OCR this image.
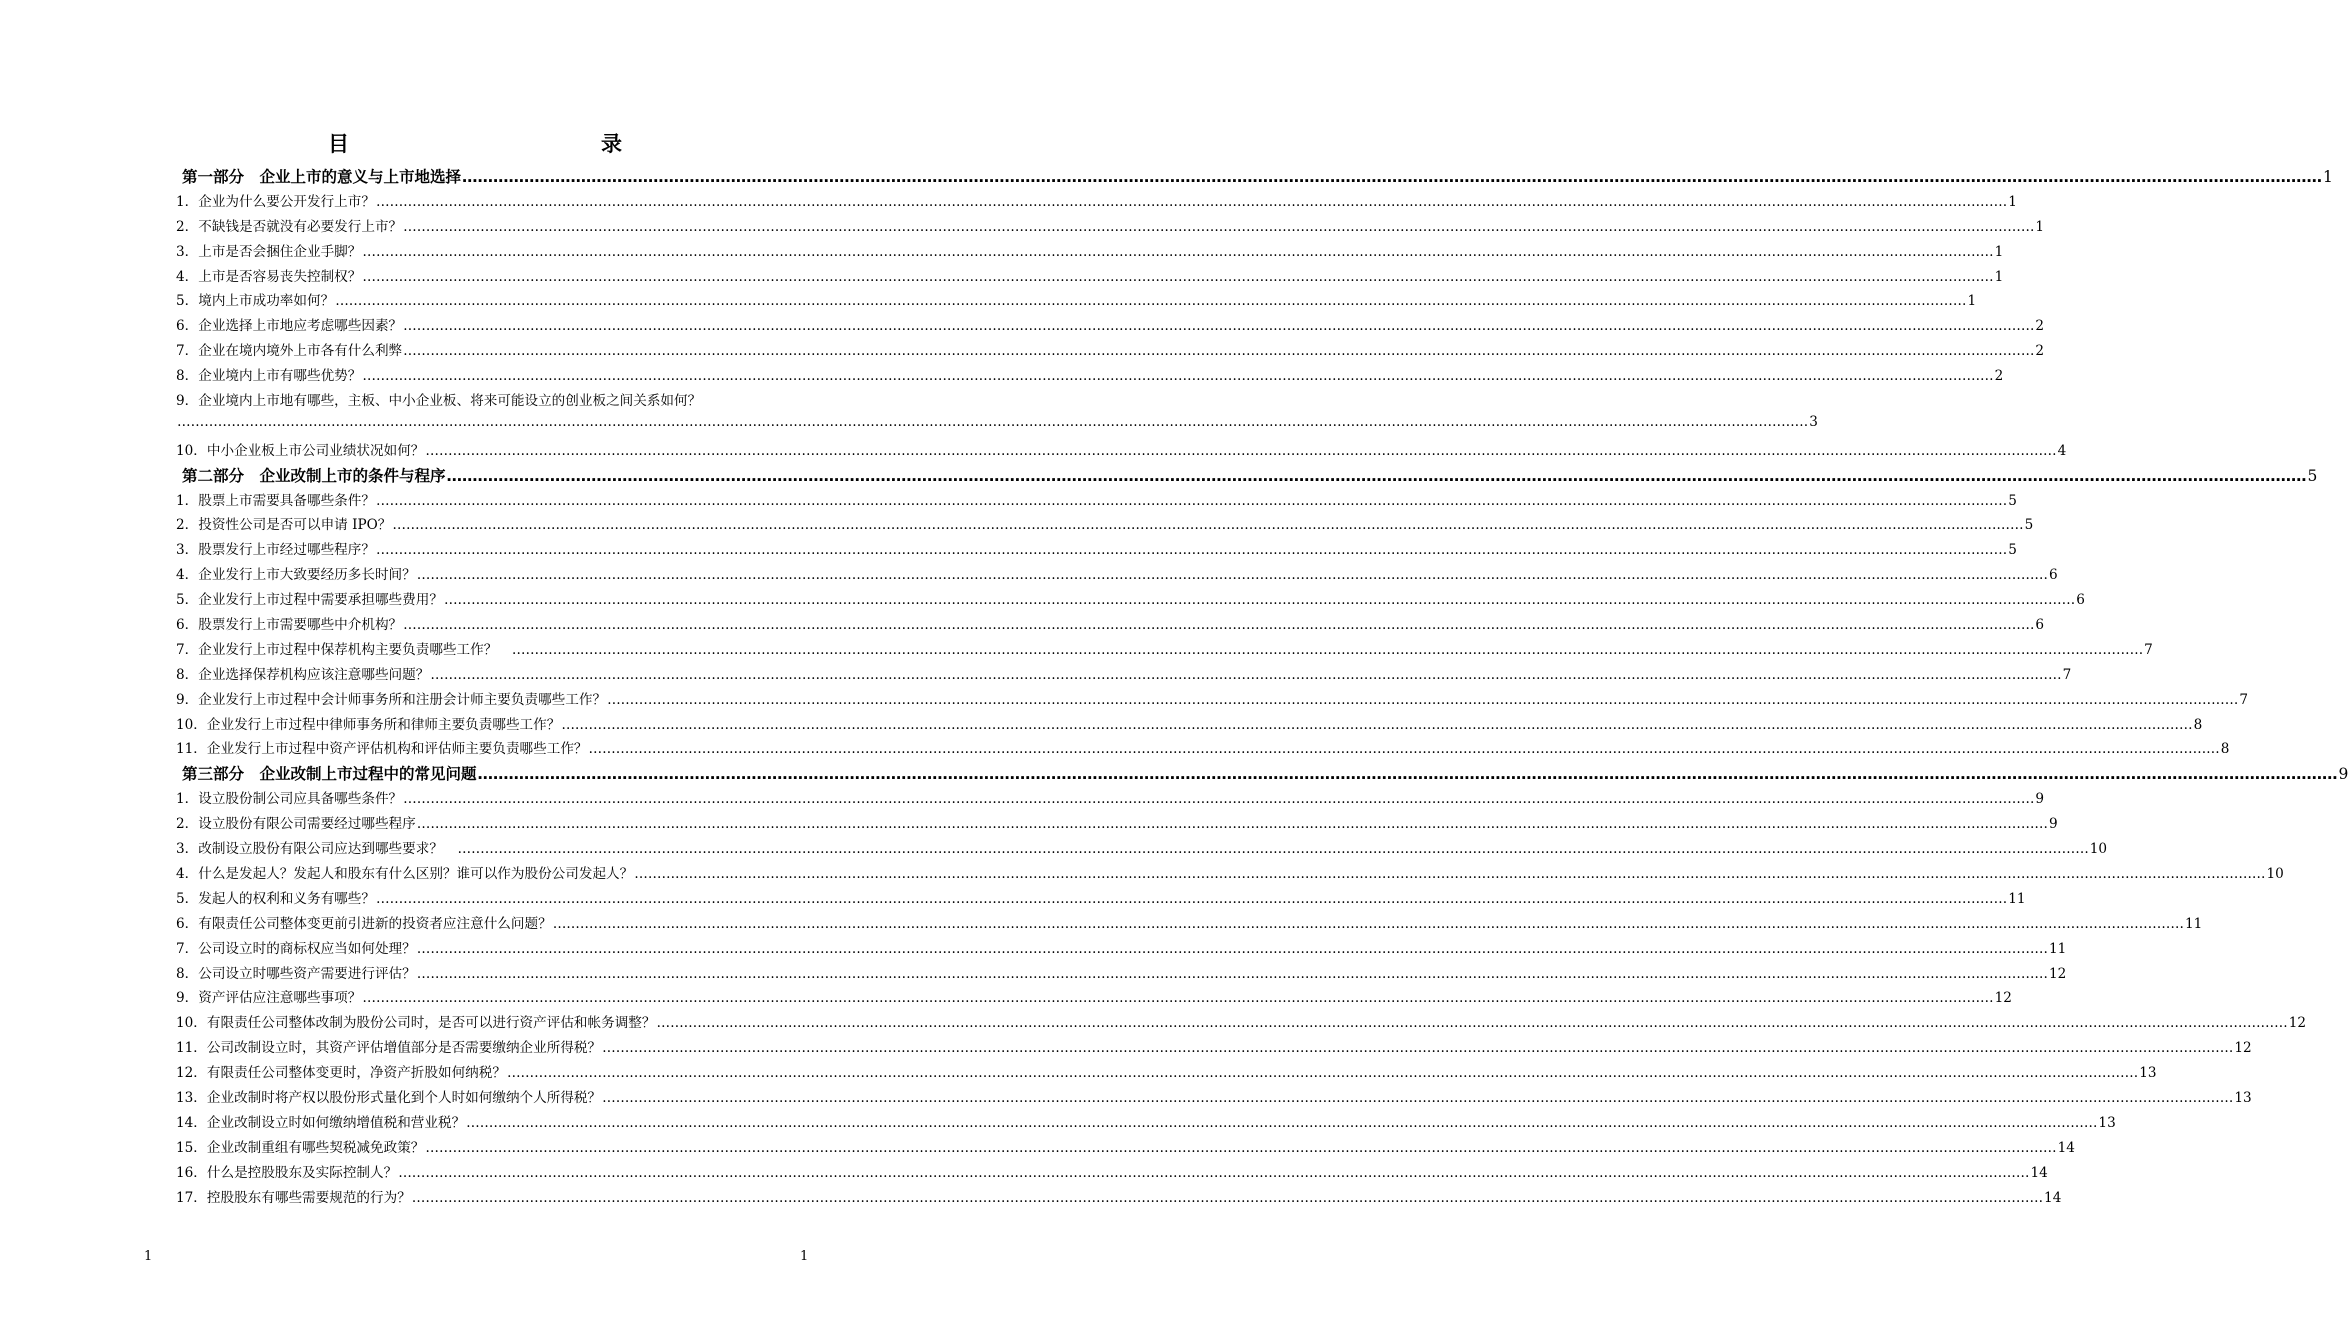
目　　录
第一部分　企业上市的意义与上市地选择 ……………………………………………………………………………………………………………………………………………………………………………………………………………………………………………………………………………………………………………………………… 1
1．企业为什么要公开发行上市？ ……………………………………………………………………………………………………………………………………………………………………………………………………………………………………………………………………………………………………………………………… 1
2．不缺钱是否就没有必要发行上市？ ……………………………………………………………………………………………………………………………………………………………………………………………………………………………………………………………………………………………………………………………… 1
3．上市是否会捆住企业手脚？ ……………………………………………………………………………………………………………………………………………………………………………………………………………………………………………………………………………………………………………………………… 1
4．上市是否容易丧失控制权？ ……………………………………………………………………………………………………………………………………………………………………………………………………………………………………………………………………………………………………………………………… 1
5．境内上市成功率如何？ ……………………………………………………………………………………………………………………………………………………………………………………………………………………………………………………………………………………………………………………………… 1
6．企业选择上市地应考虑哪些因素？ ……………………………………………………………………………………………………………………………………………………………………………………………………………………………………………………………………………………………………………………………… 2
7．企业在境内境外上市各有什么利弊 ……………………………………………………………………………………………………………………………………………………………………………………………………………………………………………………………………………………………………………………………… 2
8．企业境内上市有哪些优势？ ……………………………………………………………………………………………………………………………………………………………………………………………………………………………………………………………………………………………………………………………… 2
9．企业境内上市地有哪些，主板、中小企业板、将来可能设立的创业板之间关系如何？
……………………………………………………………………………………………………………………………………………………………………………………………………………………………………………………………………………………………………………………………… 3
10．中小企业板上市公司业绩状况如何？ ……………………………………………………………………………………………………………………………………………………………………………………………………………………………………………………………………………………………………………………………… 4
第二部分　企业改制上市的条件与程序 ……………………………………………………………………………………………………………………………………………………………………………………………………………………………………………………………………………………………………………………………… 5
1．股票上市需要具备哪些条件？ ……………………………………………………………………………………………………………………………………………………………………………………………………………………………………………………………………………………………………………………………… 5
2．投资性公司是否可以申请 IPO？ ……………………………………………………………………………………………………………………………………………………………………………………………………………………………………………………………………………………………………………………………… 5
3．股票发行上市经过哪些程序？ ……………………………………………………………………………………………………………………………………………………………………………………………………………………………………………………………………………………………………………………………… 5
4．企业发行上市大致要经历多长时间？ ……………………………………………………………………………………………………………………………………………………………………………………………………………………………………………………………………………………………………………………………… 6
5．企业发行上市过程中需要承担哪些费用？ ……………………………………………………………………………………………………………………………………………………………………………………………………………………………………………………………………………………………………………………………… 6
6．股票发行上市需要哪些中介机构？ ……………………………………………………………………………………………………………………………………………………………………………………………………………………………………………………………………………………………………………………………… 6
7．企业发行上市过程中保荐机构主要负责哪些工作？　 ……………………………………………………………………………………………………………………………………………………………………………………………………………………………………………………………………………………………………………………………… 7
8．企业选择保荐机构应该注意哪些问题？ ……………………………………………………………………………………………………………………………………………………………………………………………………………………………………………………………………………………………………………………………… 7
9．企业发行上市过程中会计师事务所和注册会计师主要负责哪些工作？ ……………………………………………………………………………………………………………………………………………………………………………………………………………………………………………………………………………………………………………………………… 7
10．企业发行上市过程中律师事务所和律师主要负责哪些工作？ ……………………………………………………………………………………………………………………………………………………………………………………………………………………………………………………………………………………………………………………………… 8
11．企业发行上市过程中资产评估机构和评估师主要负责哪些工作？ ……………………………………………………………………………………………………………………………………………………………………………………………………………………………………………………………………………………………………………………………… 8
第三部分　企业改制上市过程中的常见问题 ……………………………………………………………………………………………………………………………………………………………………………………………………………………………………………………………………………………………………………………………… 9
1．设立股份制公司应具备哪些条件？ ……………………………………………………………………………………………………………………………………………………………………………………………………………………………………………………………………………………………………………………………… 9
2．设立股份有限公司需要经过哪些程序 ……………………………………………………………………………………………………………………………………………………………………………………………………………………………………………………………………………………………………………………………… 9
3．改制设立股份有限公司应达到哪些要求？　 ……………………………………………………………………………………………………………………………………………………………………………………………………………………………………………………………………………………………………………………………… 10
4．什么是发起人？发起人和股东有什么区别？谁可以作为股份公司发起人？ ……………………………………………………………………………………………………………………………………………………………………………………………………………………………………………………………………………………………………………………………… 10
5．发起人的权利和义务有哪些？ ……………………………………………………………………………………………………………………………………………………………………………………………………………………………………………………………………………………………………………………………… 11
6．有限责任公司整体变更前引进新的投资者应注意什么问题？ ……………………………………………………………………………………………………………………………………………………………………………………………………………………………………………………………………………………………………………………………… 11
7．公司设立时的商标权应当如何处理？ ……………………………………………………………………………………………………………………………………………………………………………………………………………………………………………………………………………………………………………………………… 11
8．公司设立时哪些资产需要进行评估？ ……………………………………………………………………………………………………………………………………………………………………………………………………………………………………………………………………………………………………………………………… 12
9．资产评估应注意哪些事项？ ……………………………………………………………………………………………………………………………………………………………………………………………………………………………………………………………………………………………………………………………… 12
10．有限责任公司整体改制为股份公司时，是否可以进行资产评估和帐务调整？ ……………………………………………………………………………………………………………………………………………………………………………………………………………………………………………………………………………………………………………………………… 12
11．公司改制设立时，其资产评估增值部分是否需要缴纳企业所得税？ ……………………………………………………………………………………………………………………………………………………………………………………………………………………………………………………………………………………………………………………………… 12
12．有限责任公司整体变更时，净资产折股如何纳税？ ……………………………………………………………………………………………………………………………………………………………………………………………………………………………………………………………………………………………………………………………… 13
13．企业改制时将产权以股份形式量化到个人时如何缴纳个人所得税？ ……………………………………………………………………………………………………………………………………………………………………………………………………………………………………………………………………………………………………………………………… 13
14．企业改制设立时如何缴纳增值税和营业税？ ……………………………………………………………………………………………………………………………………………………………………………………………………………………………………………………………………………………………………………………………… 13
15．企业改制重组有哪些契税减免政策？ ……………………………………………………………………………………………………………………………………………………………………………………………………………………………………………………………………………………………………………………………… 14
16．什么是控股股东及实际控制人？ ……………………………………………………………………………………………………………………………………………………………………………………………………………………………………………………………………………………………………………………………… 14
17．控股股东有哪些需要规范的行为？ ……………………………………………………………………………………………………………………………………………………………………………………………………………………………………………………………………………………………………………………………… 14
1	1
